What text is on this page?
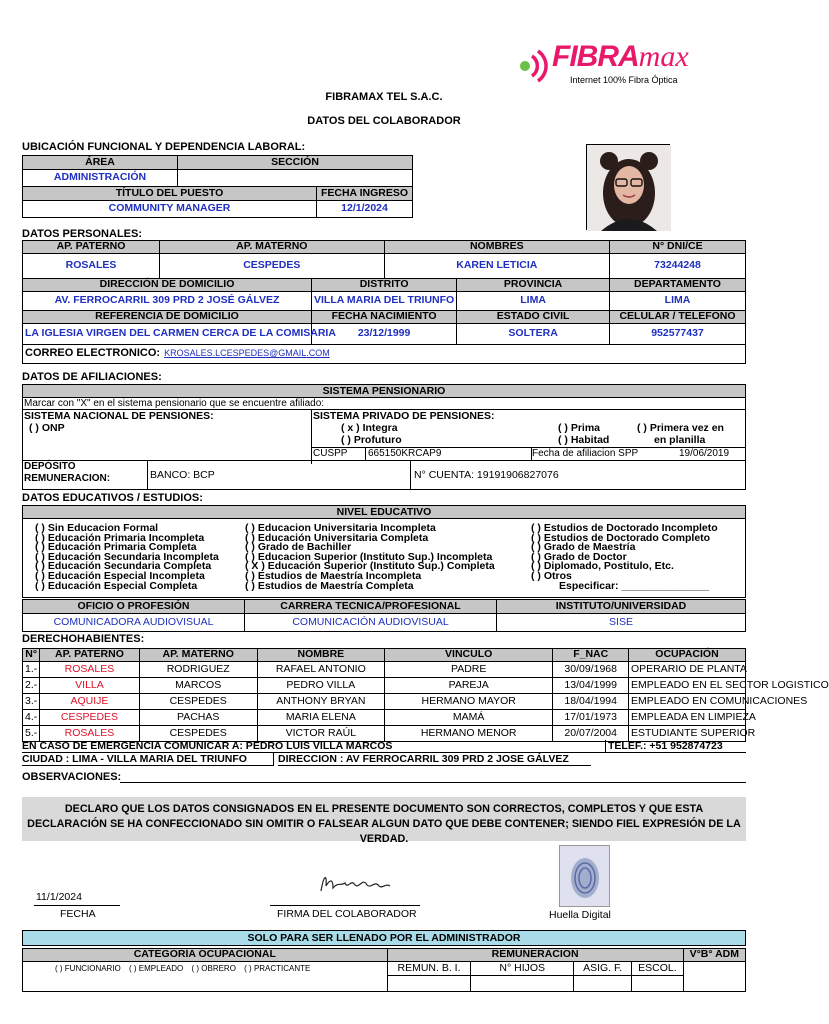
FIBRAmax
Internet 100% Fibra Óptica
FIBRAMAX TEL S.A.C.
DATOS DEL COLABORADOR
UBICACIÓN FUNCIONAL Y DEPENDENCIA LABORAL:
ÁREA	SECCIÓN	
ADMINISTRACIÓN		
TÍTULO DEL PUESTO		FECHA INGRESO
COMMUNITY MANAGER		12/1/2024
DATOS PERSONALES:
AP. PATERNO	AP. MATERNO		NOMBRES		N° DNI/CE
ROSALES	CESPEDES		KAREN LETICIA		73244248
DIRECCIÓN DE DOMICILIO		DISTRITO		PROVINCIA	DEPARTAMENTO
AV. FERROCARRIL 309 PRD 2 JOSÉ GÁLVEZ		VILLA MARIA DEL TRIUNFO		LIMA	LIMA
REFERENCIA DE DOMICILIO		FECHA NACIMIENTO		ESTADO CIVIL	CELULAR / TELEFONO
LA IGLESIA VIRGEN DEL CARMEN CERCA DE LA COMISARIA		23/12/1999		SOLTERA	952577437
CORREO ELECTRONICO: KROSALES.LCESPEDES@GMAIL.COM					
DATOS DE AFILIACIONES:
SISTEMA PENSIONARIO
Marcar con "X" en el sistema pensionario que se encuentre afiliado:
SISTEMA NACIONAL DE PENSIONES:
( ) ONP
SISTEMA PRIVADO DE PENSIONES:
( x ) Integra
( ) Profuturo
( ) Prima
( ) Habitad
( ) Primera vez en
en planilla
CUSPP 665150KRCAP9	Fecha de afiliacion SPP	19/06/2019
DEPÓSITO
REMUNERACION:	BANCO: BCP	N° CUENTA: 19191906827076
DATOS EDUCATIVOS / ESTUDIOS:
NIVEL EDUCATIVO
( ) Sin Educacion Formal
( ) Educación Primaria Incompleta
( ) Educación Primaria Completa
( ) Educación Secundaria Incompleta
( ) Educación Secundaria Completa
( ) Educación Especial Incompleta
( ) Educación Especial Completa
( ) Educacion Universitaria Incompleta
( ) Educación Universitaria Completa
( ) Grado de Bachiller
( ) Educacion Superior (Instituto Sup.) Incompleta
( X ) Educación Superior (Instituto Sup.) Completa
( ) Estudios de Maestría Incompleta
( ) Estudios de Maestría Completa
( ) Estudios de Doctorado Incompleto
( ) Estudios de Doctorado Completo
( ) Grado de Maestría
( ) Grado de Doctor
( ) Diplomado, Postitulo, Etc.
( ) Otros
Especificar: _______________
OFICIO O PROFESIÓN	CARRERA TECNICA/PROFESIONAL	INSTITUTO/UNIVERSIDAD
COMUNICADORA AUDIOVISUAL	COMUNICACIÓN AUDIOVISUAL	SISE
DERECHOHABIENTES:
N°	AP. PATERNO	AP. MATERNO	NOMBRE	VINCULO	F_NAC	OCUPACIÓN
1.-	ROSALES	RODRIGUEZ	RAFAEL ANTONIO	PADRE	30/09/1968	OPERARIO DE PLANTA
2.-	VILLA	MARCOS	PEDRO VILLA	PAREJA	13/04/1999	EMPLEADO EN EL SECTOR LOGISTICO
3.-	AQUIJE	CESPEDES	ANTHONY BRYAN	HERMANO MAYOR	18/04/1994	EMPLEADO EN COMUNICACIONES
4.-	CESPEDES	PACHAS	MARIA ELENA	MAMÁ	17/01/1973	EMPLEADA EN LIMPIEZA
5.-	ROSALES	CESPEDES	VICTOR RAÚL	HERMANO MENOR	20/07/2004	ESTUDIANTE SUPERIOR
EN CASO DE EMERGENCIA COMUNICAR A: PEDRO LUIS VILLA MARCOS	TELEF.: +51 952874723
CIUDAD : LIMA - VILLA MARIA DEL TRIUNFO	DIRECCION : AV FERROCARRIL 309 PRD 2 JOSE GÁLVEZ
OBSERVACIONES:
DECLARO QUE LOS DATOS CONSIGNADOS EN EL PRESENTE DOCUMENTO SON CORRECTOS, COMPLETOS Y QUE ESTA DECLARACIÓN SE HA CONFECCIONADO SIN OMITIR O FALSEAR ALGUN DATO QUE DEBE CONTENER; SIENDO FIEL EXPRESIÓN DE LA VERDAD.
11/1/2024
FECHA	FIRMA DEL COLABORADOR	Huella Digital
SOLO PARA SER LLENADO POR EL ADMINISTRADOR
CATEGORÍA OCUPACIONAL	REMUNERACION				V°B° ADM
( ) FUNCIONARIO ( ) EMPLEADO ( ) OBRERO ( ) PRACTICANTE	REMUN. B. I.	N° HIJOS	ASIG. F.	ESCOL.	
